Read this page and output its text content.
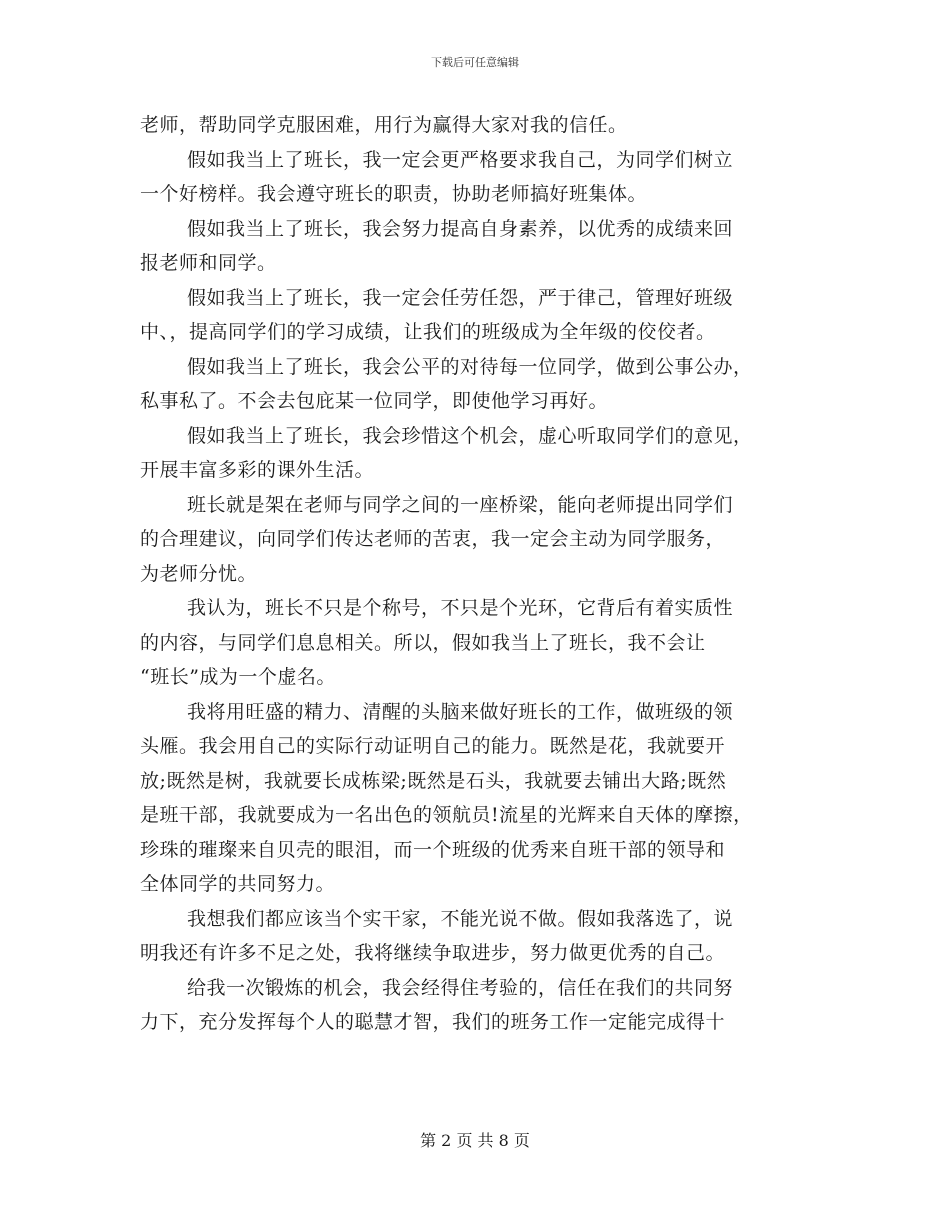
下载后可任意编辑
老师，帮助同学克服困难，用行为赢得大家对我的信任。
假如我当上了班长，我一定会更严格要求我自己，为同学们树立
一个好榜样。我会遵守班长的职责，协助老师搞好班集体。
假如我当上了班长，我会努力提高自身素养，以优秀的成绩来回
报老师和同学。
假如我当上了班长，我一定会任劳任怨，严于律己，管理好班级
中、，提高同学们的学习成绩，让我们的班级成为全年级的佼佼者。
假如我当上了班长，我会公平的对待每一位同学，做到公事公办，
私事私了。不会去包庇某一位同学，即使他学习再好。
假如我当上了班长，我会珍惜这个机会，虚心听取同学们的意见，
开展丰富多彩的课外生活。
班长就是架在老师与同学之间的一座桥梁，能向老师提出同学们
的合理建议，向同学们传达老师的苦衷，我一定会主动为同学服务，
为老师分忧。
我认为，班长不只是个称号，不只是个光环，它背后有着实质性
的内容，与同学们息息相关。所以，假如我当上了班长，我不会让
“班长”成为一个虚名。
我将用旺盛的精力、清醒的头脑来做好班长的工作，做班级的领
头雁。我会用自己的实际行动证明自己的能力。既然是花，我就要开
放;既然是树，我就要长成栋梁;既然是石头，我就要去铺出大路;既然
是班干部，我就要成为一名出色的领航员!流星的光辉来自天体的摩擦，
珍珠的璀璨来自贝壳的眼泪，而一个班级的优秀来自班干部的领导和
全体同学的共同努力。
我想我们都应该当个实干家，不能光说不做。假如我落选了，说
明我还有许多不足之处，我将继续争取进步，努力做更优秀的自己。
给我一次锻炼的机会，我会经得住考验的，信任在我们的共同努
力下，充分发挥每个人的聪慧才智，我们的班务工作一定能完成得十
第 2 页 共 8 页
